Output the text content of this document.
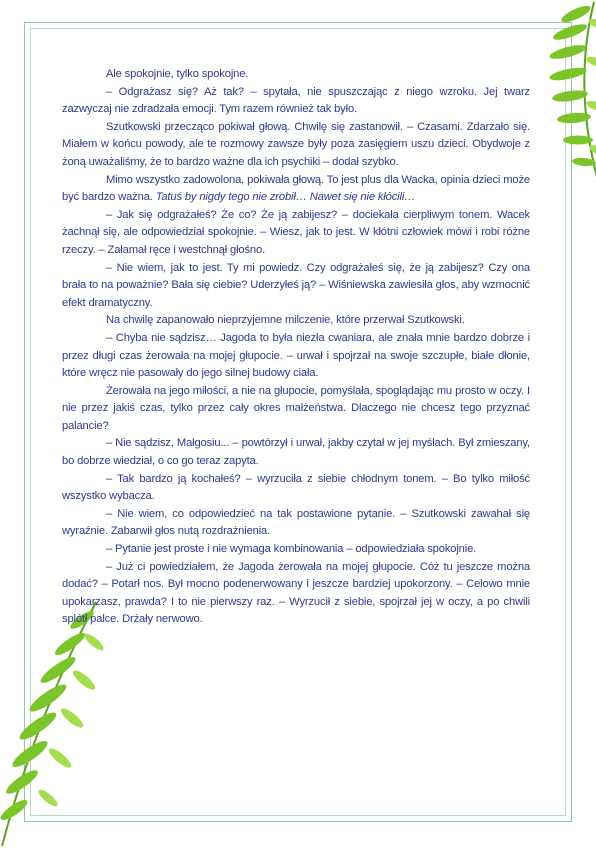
Ale spokojnie, tylko spokojne.

– Odgrażasz się? Aż tak? – spytała, nie spuszczając z niego wzroku. Jej twarz zazwyczaj nie zdradzała emocji. Tym razem również tak było.

Szutkowski przecząco pokiwał głową. Chwilę się zastanowił. – Czasami. Zdarzało się. Miałem w końcu powody, ale te rozmowy zawsze były poza zasięgiem uszu dzieci. Obydwoje z żoną uważaliśmy, że to bardzo ważne dla ich psychiki – dodał szybko.

Mimo wszystko zadowolona, pokiwała głową. To jest plus dla Wacka, opinia dzieci może być bardzo ważna. Tatuś by nigdy tego nie zrobił… Nawet się nie kłócili…

– Jak się odgrażałeś? Że co? Że ją zabijesz? – dociekała cierpliwym tonem. Wacek żachnął się, ale odpowiedział spokojnie. – Wiesz, jak to jest. W kłótni człowiek mówi i robi różne rzeczy. – Załamał ręce i westchnął głośno.

– Nie wiem, jak to jest. Ty mi powiedz. Czy odgrażałeś się, że ją zabijesz? Czy ona brała to na poważnie? Bała się ciebie? Uderzyłeś ją? – Wiśniewska zawiesiła głos, aby wzmocnić efekt dramatyczny.

Na chwilę zapanowało nieprzyjemne milczenie, które przerwał Szutkowski.

– Chyba nie sądzisz… Jagoda to była niezła cwaniara, ale znała mnie bardzo dobrze i przez długi czas żerowała na mojej głupocie. – urwał i spojrzał na swoje szczupłe, białe dłonie, które wręcz nie pasowały do jego silnej budowy ciała.

Żerowała na jego miłości, a nie na głupocie, pomyślała, spoglądając mu prosto w oczy. I nie przez jakiś czas, tylko przez cały okres małżeństwa. Dlaczego nie chcesz tego przyznać palancie?

– Nie sądzisz, Małgosiu... – powtórzył i urwał, jakby czytał w jej myślach. Był zmieszany, bo dobrze wiedział, o co go teraz zapyta.

– Tak bardzo ją kochałeś? – wyrzuciła z siebie chłodnym tonem. – Bo tylko miłość wszystko wybacza.

– Nie wiem, co odpowiedzieć na tak postawione pytanie. – Szutkowski zawahał się wyraźnie. Zabarwił głos nutą rozdrażnienia.

– Pytanie jest proste i nie wymaga kombinowania – odpowiedziała spokojnie.

– Już ci powiedziałem, że Jagoda żerowała na mojej głupocie. Cóż tu jeszcze można dodać? – Potarł nos. Był mocno podenerwowany i jeszcze bardziej upokorzony. – Celowo mnie upokarzasz, prawda? I to nie pierwszy raz. – Wyrzucił z siebie, spojrzał jej w oczy, a po chwili splótł palce. Drżały nerwowo.
